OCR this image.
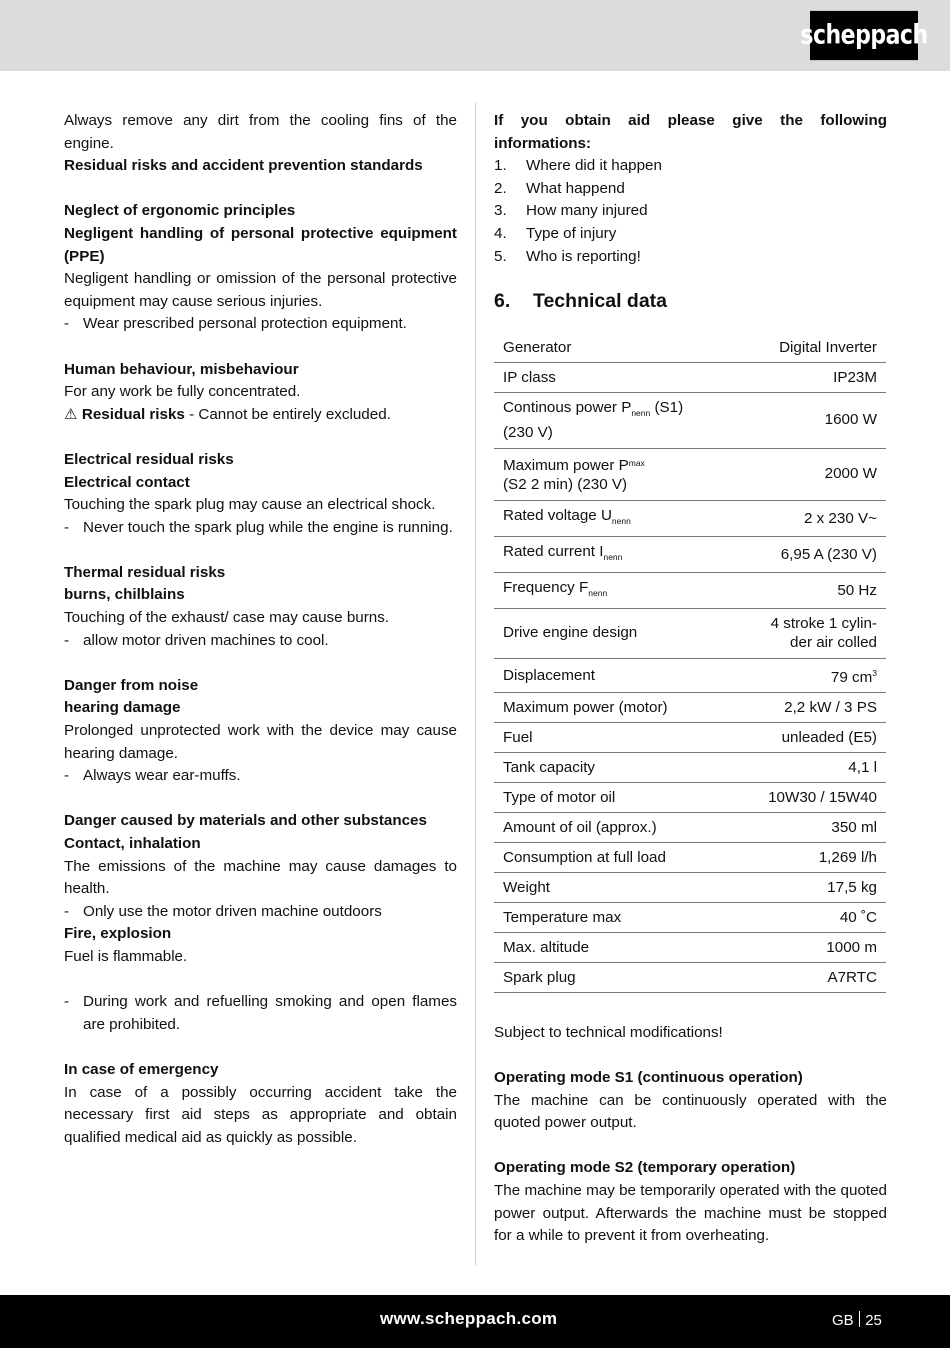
scheppach
Always remove any dirt from the cooling fins of the engine.
Residual risks and accident prevention standards
Neglect of ergonomic principles
Negligent handling of personal protective equipment (PPE)
Negligent handling or omission of the personal protective equipment may cause serious injuries.
- Wear prescribed personal protection equipment.
Human behaviour, misbehaviour
For any work be fully concentrated.
⚠ Residual risks - Cannot be entirely excluded.
Electrical residual risks
Electrical contact
Touching the spark plug may cause an electrical shock.
- Never touch the spark plug while the engine is running.
Thermal residual risks
burns, chilblains
Touching of the exhaust/ case may cause burns.
- allow motor driven machines to cool.
Danger from noise
hearing damage
Prolonged unprotected work with the device may cause hearing damage.
- Always wear ear-muffs.
Danger caused by materials and other substances
Contact, inhalation
The emissions of the machine may cause damages to health.
- Only use the motor driven machine outdoors
Fire, explosion
Fuel is flammable.
- During work and refuelling smoking and open flames are prohibited.
In case of emergency
In case of a possibly occurring accident take the necessary first aid steps as appropriate and obtain qualified medical aid as quickly as possible.
If you obtain aid please give the following informations:
1.	Where did it happen
2.	What happend
3.	How many injured
4.	Type of injury
5.	Who is reporting!
6.	Technical data
Generator	Digital Inverter
IP class	IP23M
Continous power $P_{nenn}$ (S1)
(230 V)	1600 W
Maximum power $P^{max}$
(S2 2 min) (230 V)	2000 W
Rated voltage $U_{nenn}$	2 x 230 V~
Rated current $I_{nenn}$	6,95 A (230 V)
Frequency $F_{nenn}$	50 Hz
Drive engine design	4 stroke 1 cylin-
der air colled
Displacement	79 $cm^3$
Maximum power (motor)	2,2 kW / 3 PS
Fuel	unleaded (E5)
Tank capacity	4,1 l
Type of motor oil	10W30 / 15W40
Amount of oil (approx.)	350 ml
Consumption at full load	1,269 l/h
Weight	17,5 kg
Temperature max	40 ˚C
Max. altitude	1000 m
Spark plug	A7RTC
Subject to technical modifications!
Operating mode S1 (continuous operation)
The machine can be continuously operated with the quoted power output.
Operating mode S2 (temporary operation)
The machine may be temporarily operated with the quoted power output. Afterwards the machine must be stopped for a while to prevent it from overheating.
www.scheppach.com	GB 25
